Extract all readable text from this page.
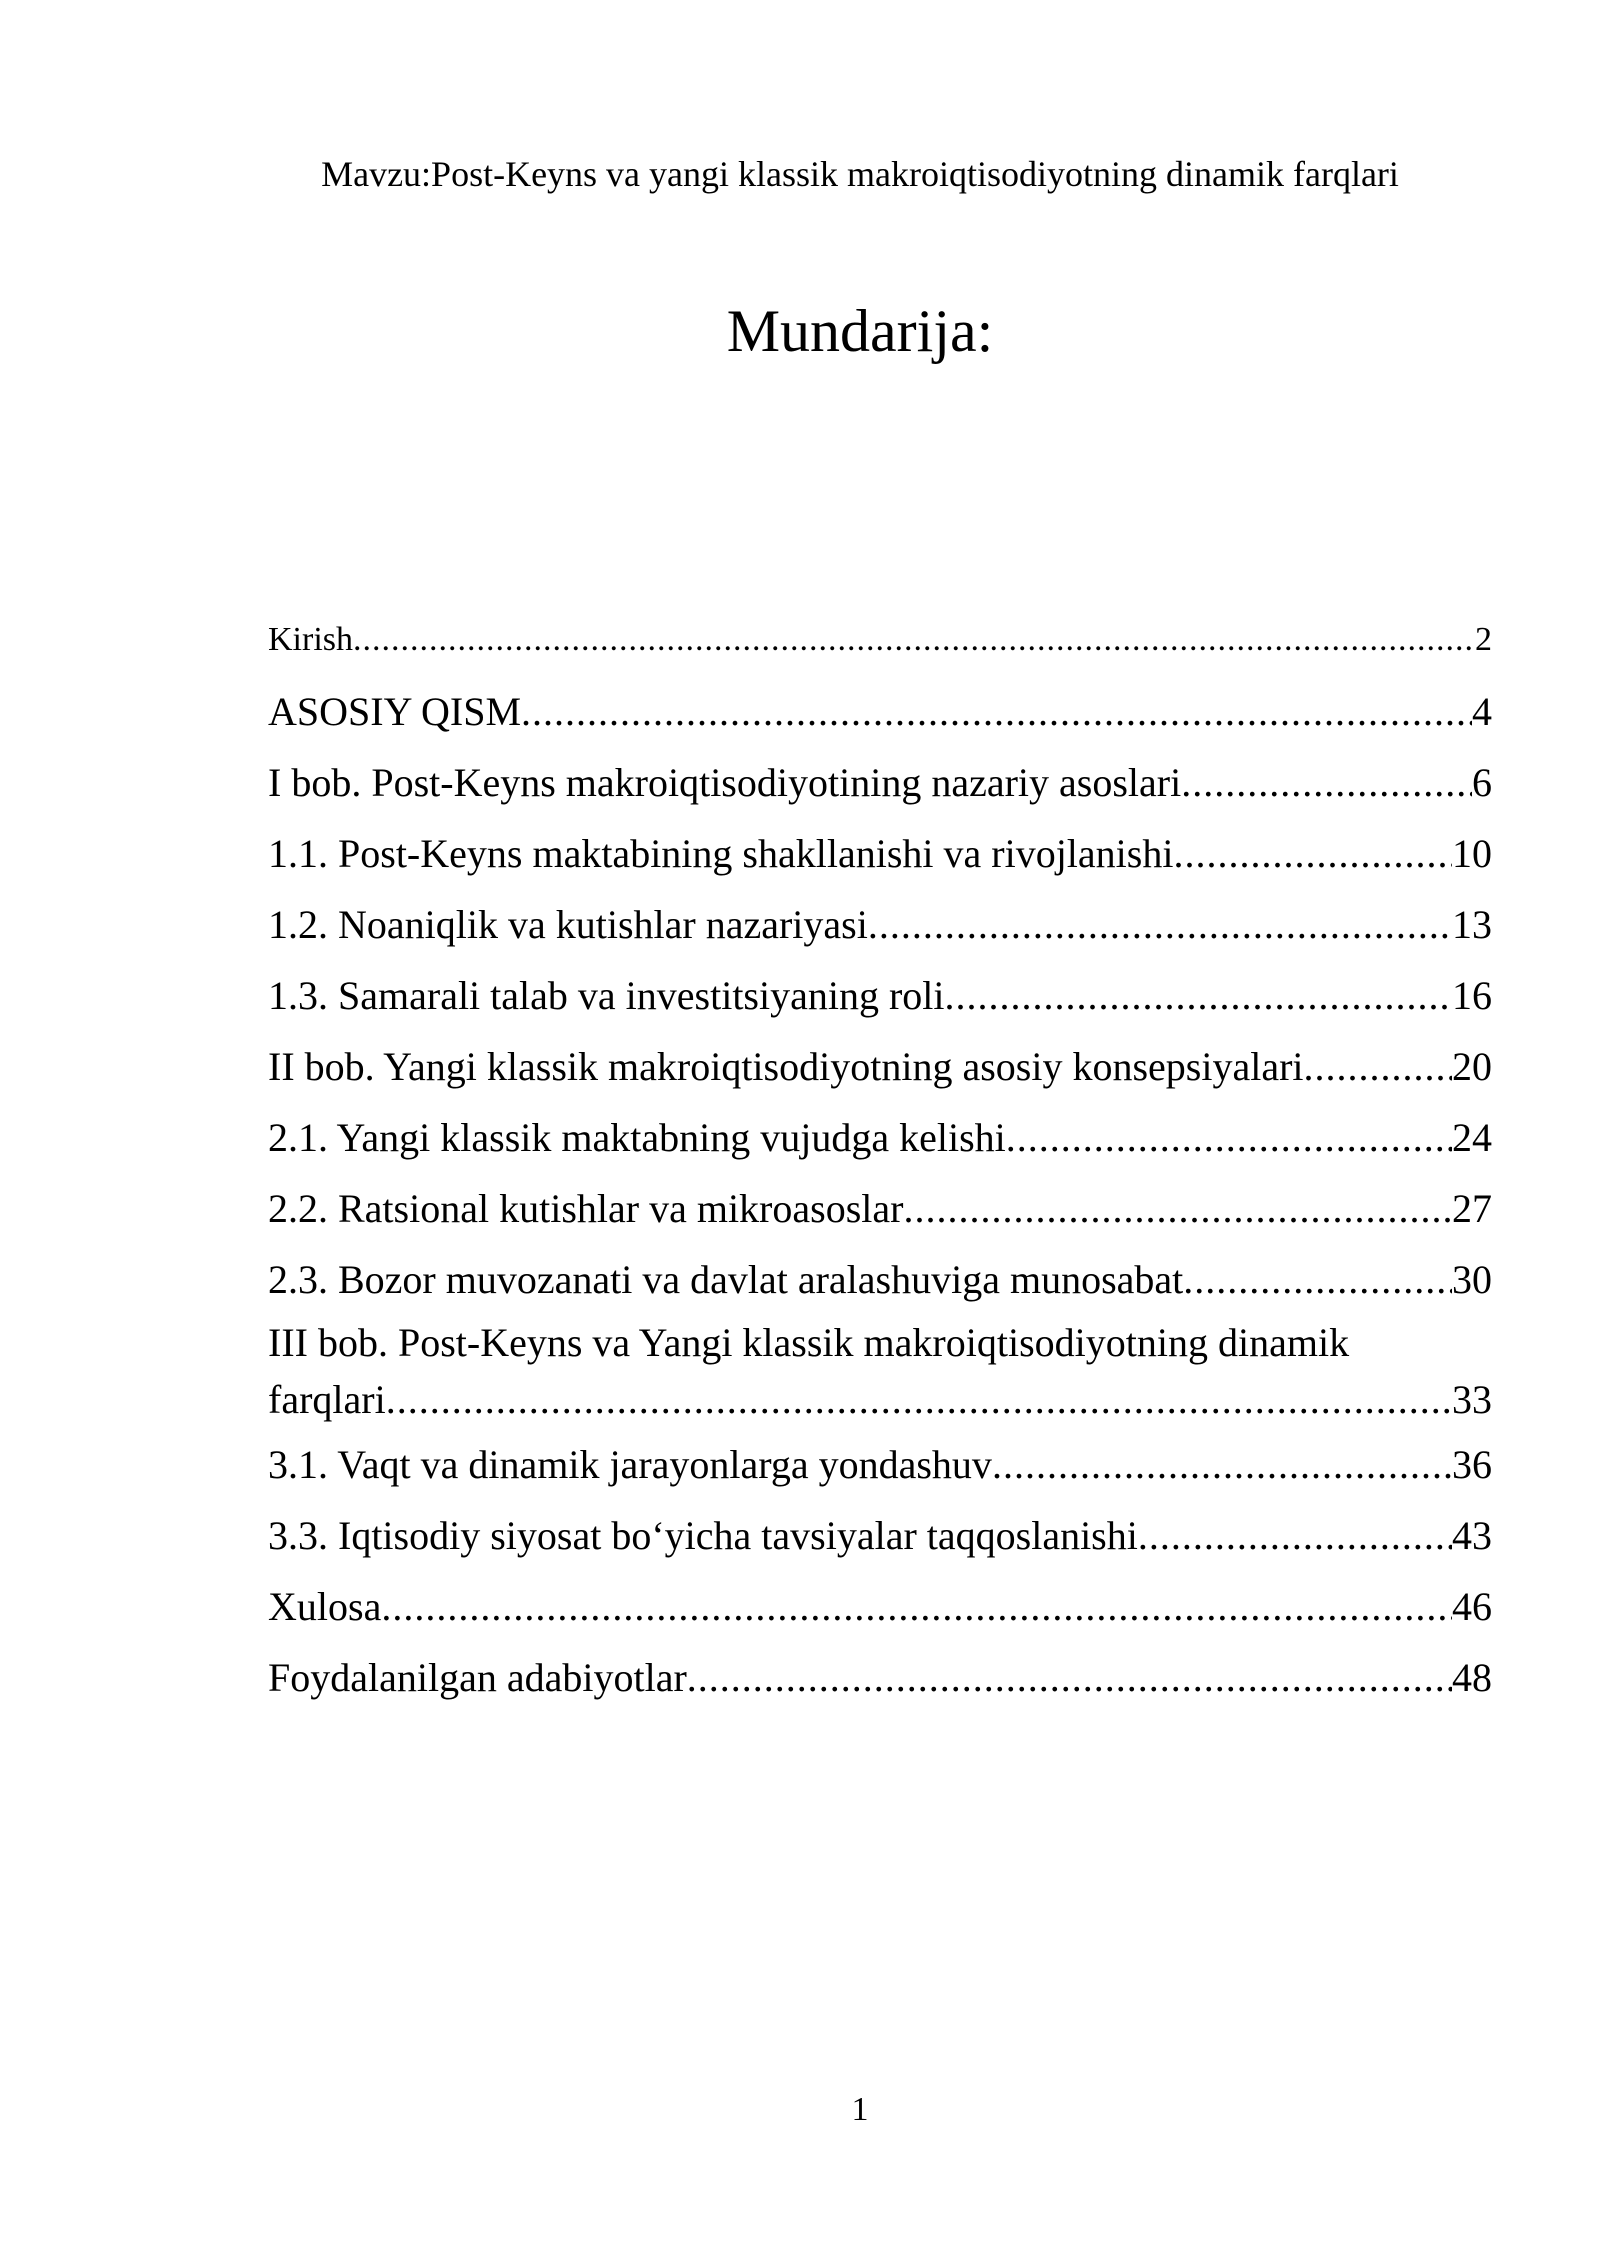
Mavzu:Post-Keyns va yangi klassik makroiqtisodiyotning dinamik farqlari
Mundarija:
Kirish .....	2
ASOSIY QISM .....	4
I bob. Post-Keyns makroiqtisodiyotining nazariy asoslari .....	6
1.1. Post-Keyns maktabining shakllanishi va rivojlanishi .....	10
1.2. Noaniqlik va kutishlar nazariyasi .....	13
1.3. Samarali talab va investitsiyaning roli .....	16
II bob. Yangi klassik makroiqtisodiyotning asosiy konsepsiyalari .....	20
2.1. Yangi klassik maktabning vujudga kelishi .....	24
2.2. Ratsional kutishlar va mikroasoslar .....	27
2.3. Bozor muvozanati va davlat aralashuviga munosabat .....	30
III bob. Post-Keyns va Yangi klassik makroiqtisodiyotning dinamik
farqlari .....	33
3.1. Vaqt va dinamik jarayonlarga yondashuv .....	36
3.3. Iqtisodiy siyosat bo‘yicha tavsiyalar taqqoslanishi .....	43
Xulosa .....	46
Foydalanilgan adabiyotlar .....	48
1
